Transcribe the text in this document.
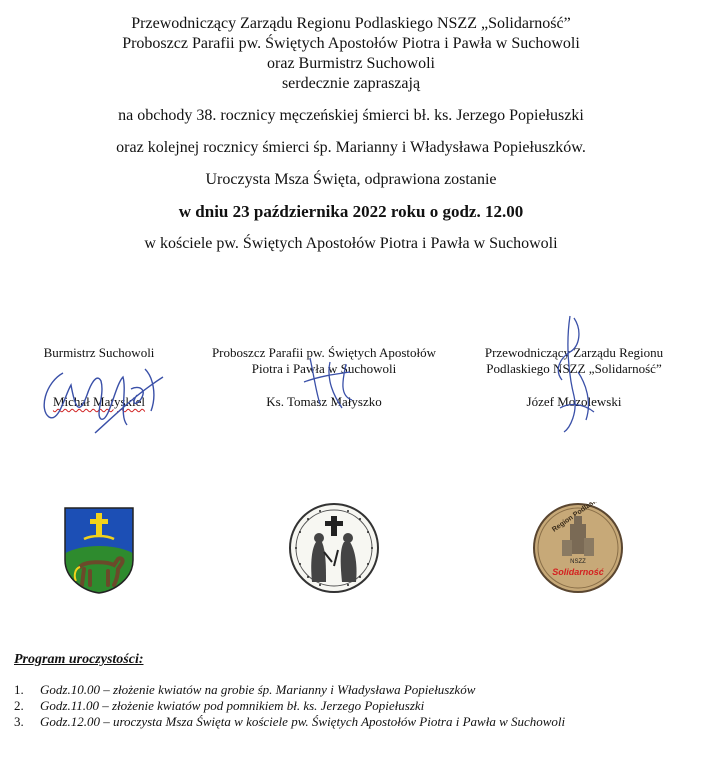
Przewodniczący Zarządu Regionu Podlaskiego NSZZ „Solidarność”
Proboszcz Parafii pw. Świętych Apostołów Piotra i Pawła w Suchowoli
oraz Burmistrz Suchowoli
serdecznie zapraszają
na obchody 38. rocznicy męczeńskiej śmierci bł. ks. Jerzego Popiełuszki
oraz kolejnej rocznicy śmierci śp. Marianny i Władysława Popiełuszków.
Uroczysta Msza Święta, odprawiona zostanie
w dniu 23 października 2022 roku o godz. 12.00
w kościele pw. Świętych Apostołów Piotra i Pawła w Suchowoli
Burmistrz Suchowoli
Michał Matyskiel
Proboszcz Parafii pw. Świętych Apostołów
Piotra i Pawła w Suchowoli
Ks. Tomasz Małyszko
Przewodniczący Zarządu Regionu
Podlaskiego NSZZ „Solidarność”
Józef Mozolewski
Region Podlaski
NSZZ
Solidarność
Program uroczystości:
1. Godz.10.00 – złożenie kwiatów na grobie śp. Marianny i Władysława Popiełuszków
2. Godz.11.00 – złożenie kwiatów pod pomnikiem bł. ks. Jerzego Popiełuszki
3. Godz.12.00 – uroczysta Msza Święta w kościele pw. Świętych Apostołów Piotra i Pawła w Suchowoli
